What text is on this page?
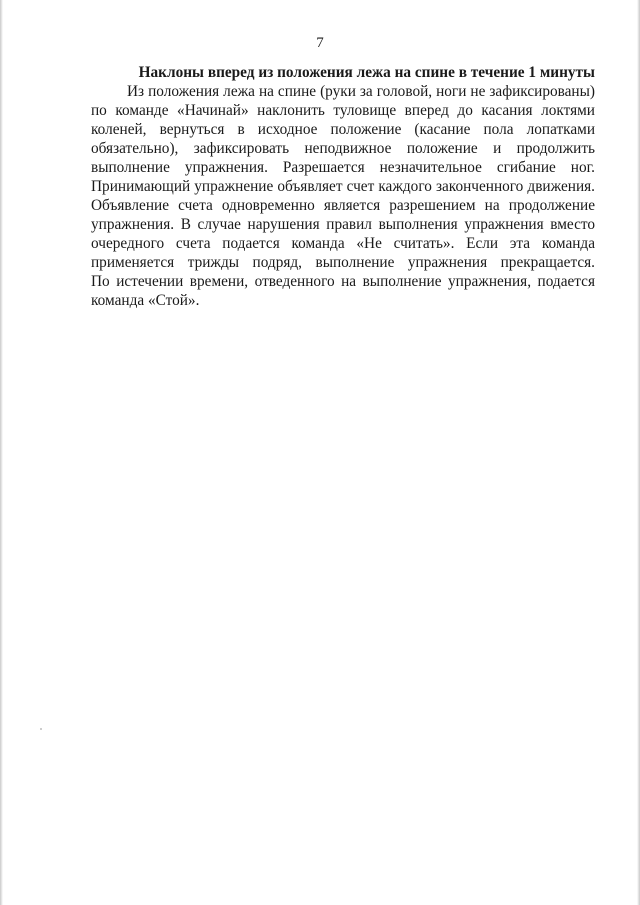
7
Наклоны вперед из положения лежа на спине в течение 1 минуты
Из положения лежа на спине (руки за головой, ноги не зафиксированы)
по команде «Начинай» наклонить туловище вперед до касания локтями
коленей, вернуться в исходное положение (касание пола лопатками
обязательно), зафиксировать неподвижное положение и продолжить
выполнение упражнения. Разрешается незначительное сгибание ног.
Принимающий упражнение объявляет счет каждого законченного движения.
Объявление счета одновременно является разрешением на продолжение
упражнения. В случае нарушения правил выполнения упражнения вместо
очередного счета подается команда «Не считать». Если эта команда
применяется трижды подряд, выполнение упражнения прекращается.
По истечении времени, отведенного на выполнение упражнения, подается
команда «Стой».
